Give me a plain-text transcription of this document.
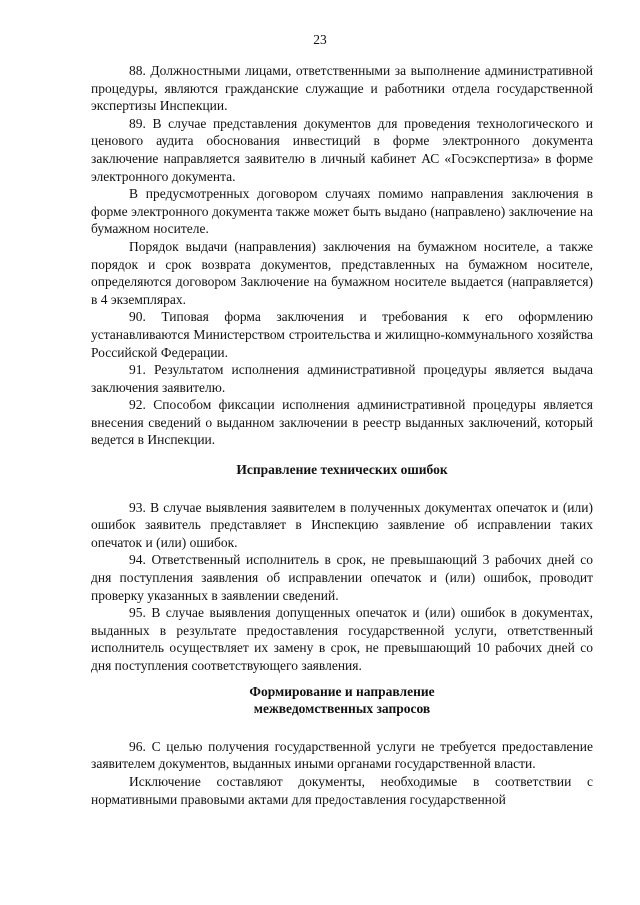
23

88. Должностными лицами, ответственными за выполнение административной процедуры, являются гражданские служащие и работники отдела государственной экспертизы Инспекции.

89. В случае представления документов для проведения технологического и ценового аудита обоснования инвестиций в форме электронного документа заключение направляется заявителю в личный кабинет АС «Госэкспертиза» в форме электронного документа.

В предусмотренных договором случаях помимо направления заключения в форме электронного документа также может быть выдано (направлено) заключение на бумажном носителе.

Порядок выдачи (направления) заключения на бумажном носителе, а также порядок и срок возврата документов, представленных на бумажном носителе, определяются договором Заключение на бумажном носителе выдается (направляется) в 4 экземплярах.

90. Типовая форма заключения и требования к его оформлению устанавливаются Министерством строительства и жилищно-коммунального хозяйства Российской Федерации.

91. Результатом исполнения административной процедуры является выдача заключения заявителю.

92. Способом фиксации исполнения административной процедуры является внесения сведений о выданном заключении в реестр выданных заключений, который ведется в Инспекции.

Исправление технических ошибок

93. В случае выявления заявителем в полученных документах опечаток и (или) ошибок заявитель представляет в Инспекцию заявление об исправлении таких опечаток и (или) ошибок.

94. Ответственный исполнитель в срок, не превышающий 3 рабочих дней со дня поступления заявления об исправлении опечаток и (или) ошибок, проводит проверку указанных в заявлении сведений.

95. В случае выявления допущенных опечаток и (или) ошибок в документах, выданных в результате предоставления государственной услуги, ответственный исполнитель осуществляет их замену в срок, не превышающий 10 рабочих дней со дня поступления соответствующего заявления.

Формирование и направление
межведомственных запросов

96. С целью получения государственной услуги не требуется предоставление заявителем документов, выданных иными органами государственной власти.

Исключение составляют документы, необходимые в соответствии с нормативными правовыми актами для предоставления государственной
